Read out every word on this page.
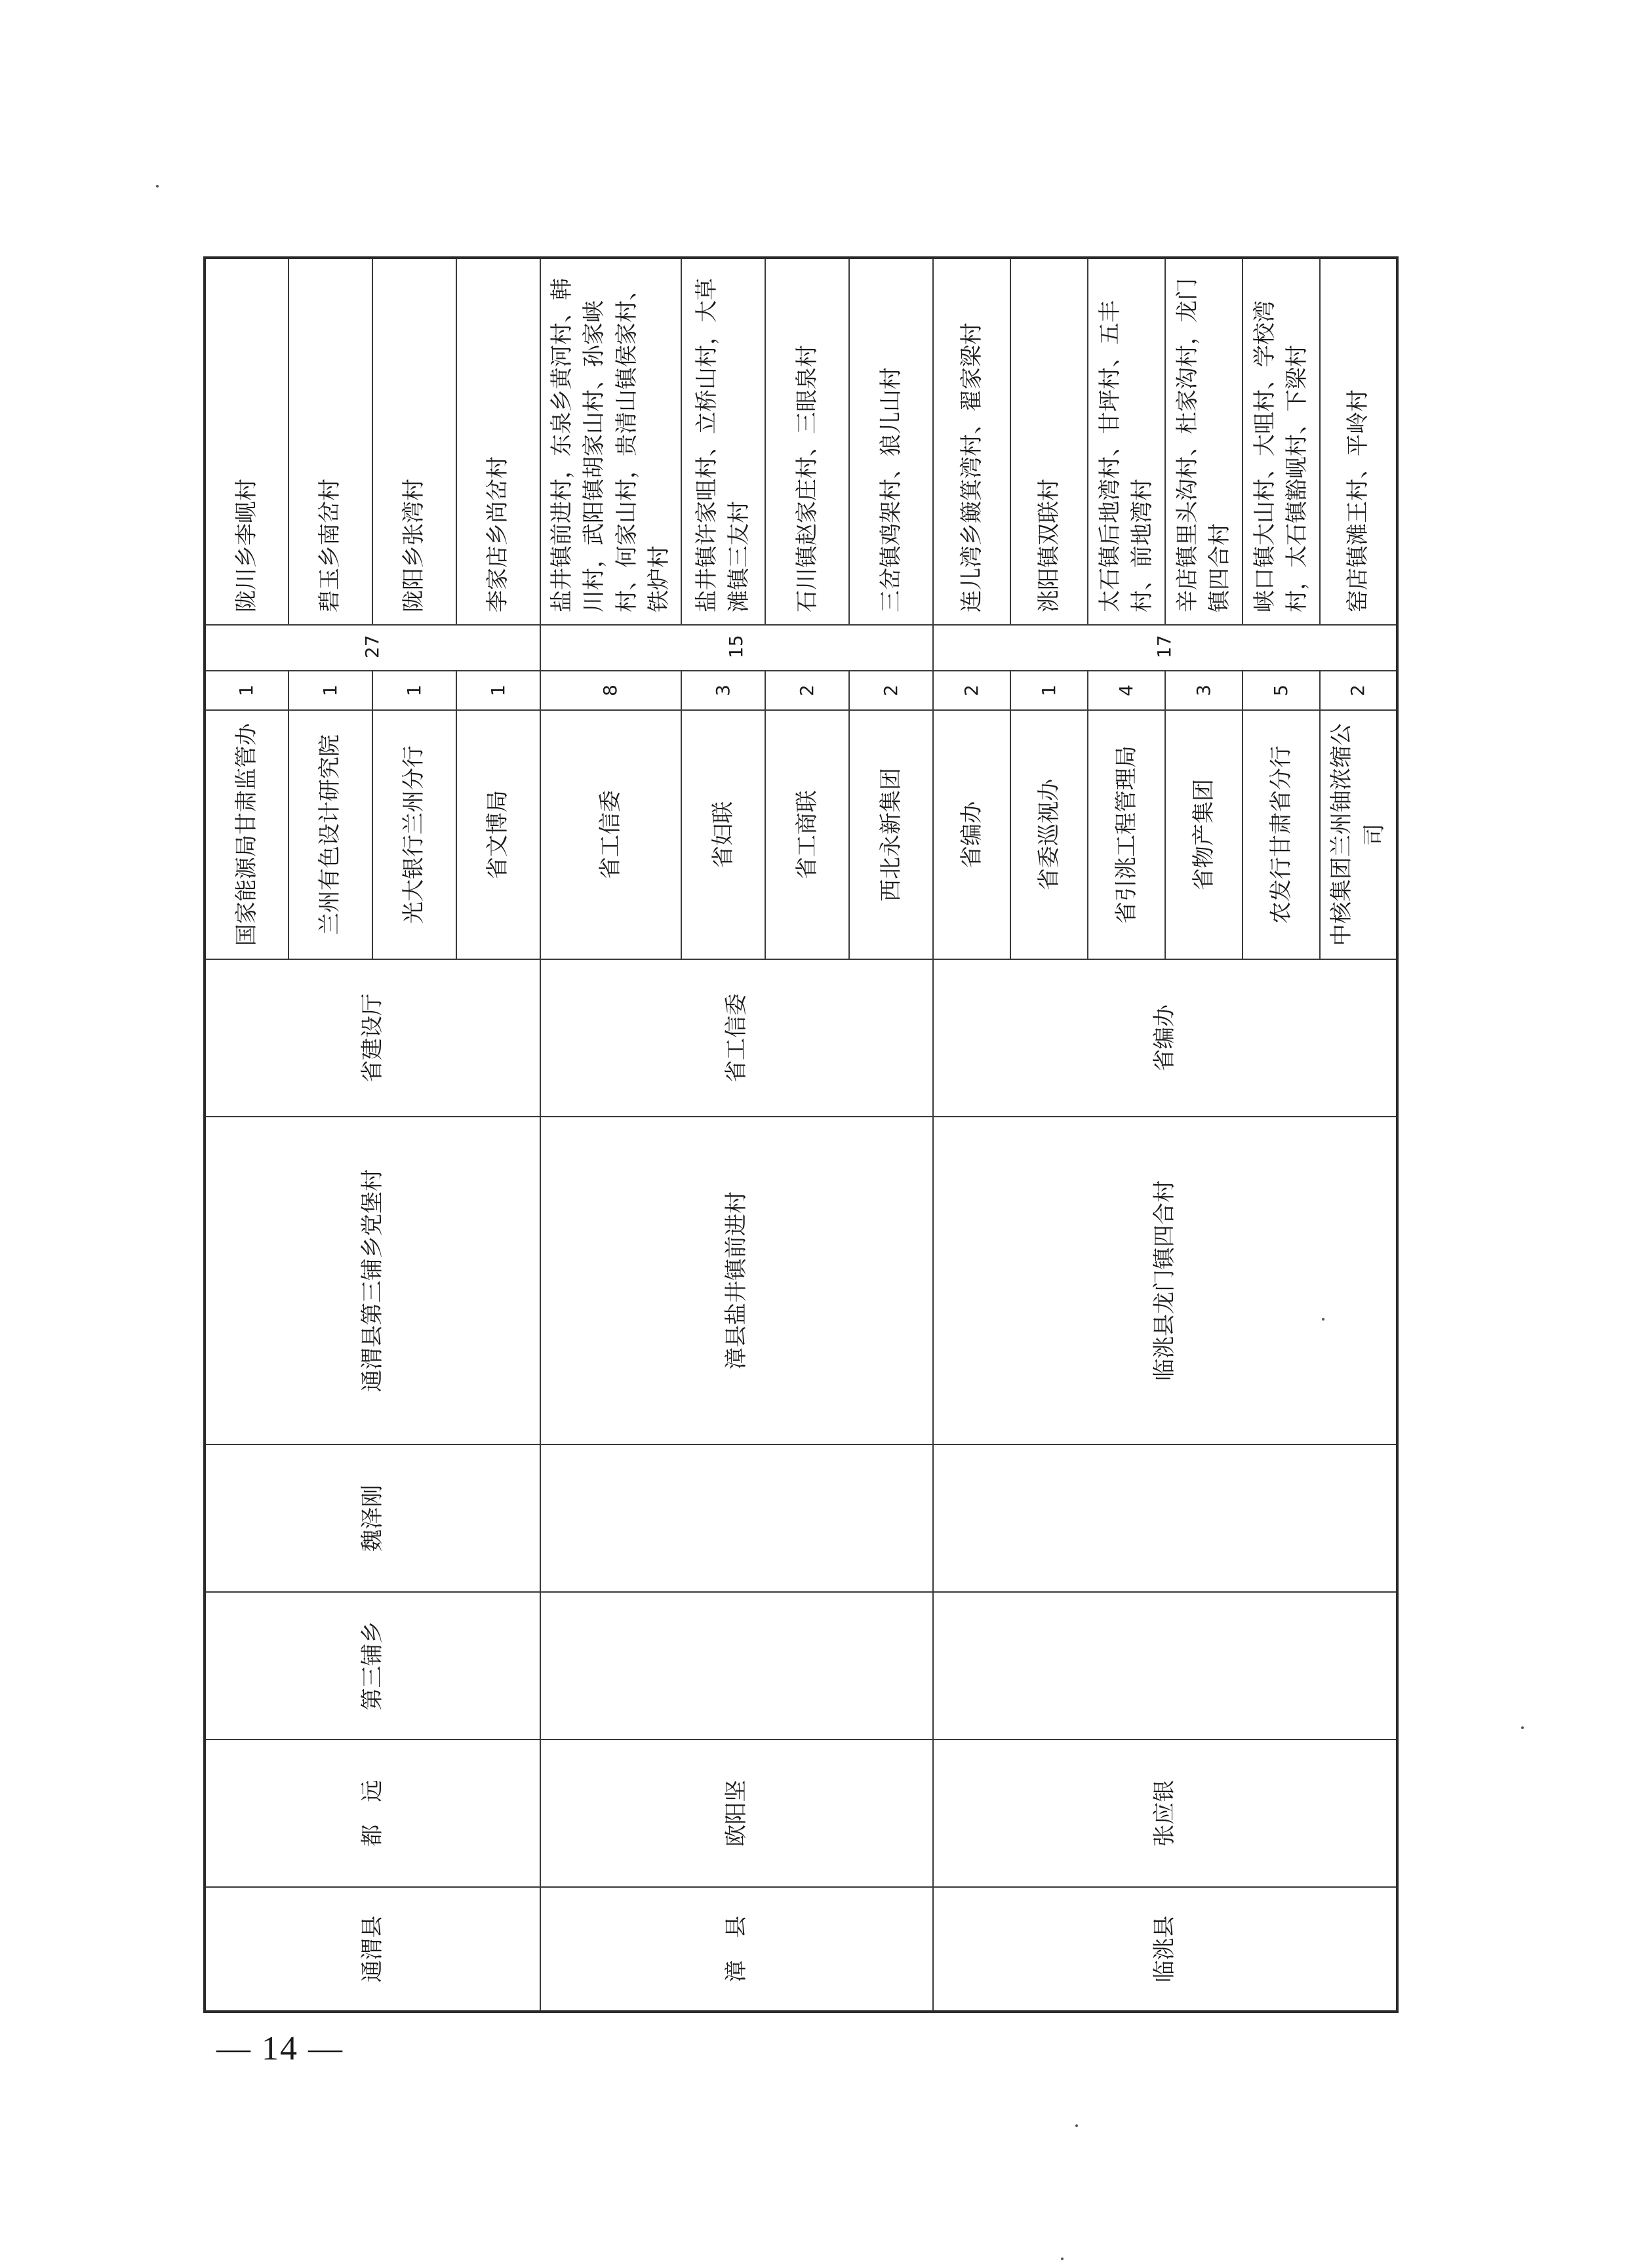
通渭县	都　远	第三铺乡	魏泽刚	通渭县第三铺乡党堡村	省建设厅	国家能源局甘肃监管办	1	27	陇川乡李岘村
						兰州有色设计研究院	1		碧玉乡南岔村
						光大银行兰州分行	1		陇阳乡张湾村
						省文博局	1		李家店乡尚岔村
漳　县	欧阳坚			漳县盐井镇前进村	省工信委	省工信委	8	15	盐井镇前进村，东泉乡黄河村、韩川村，武阳镇胡家山村、孙家峡村、何家山村，贵清山镇侯家村、铁炉村
						省妇联	3		盐井镇许家咀村、立桥山村，大草滩镇三友村
						省工商联	2		石川镇赵家庄村、三眼泉村
						西北永新集团	2		三岔镇鸡架村、狼儿山村
临洮县	张应银			临洮县龙门镇四合村	省编办	省编办	2	17	连儿湾乡簸箕湾村、翟家梁村
						省委巡视办	1		洮阳镇双联村
						省引洮工程管理局	4		太石镇后地湾村、甘坪村、五丰村、前地湾村
						省物产集团	3		辛店镇里头沟村、杜家沟村，龙门镇四合村
						农发行甘肃省分行	5		峡口镇大山村、大咀村、学校湾村，太石镇豁岘村、下梁村
						中核集团兰州铀浓缩公司	2		窑店镇滩王村、平岭村
— 14 —
